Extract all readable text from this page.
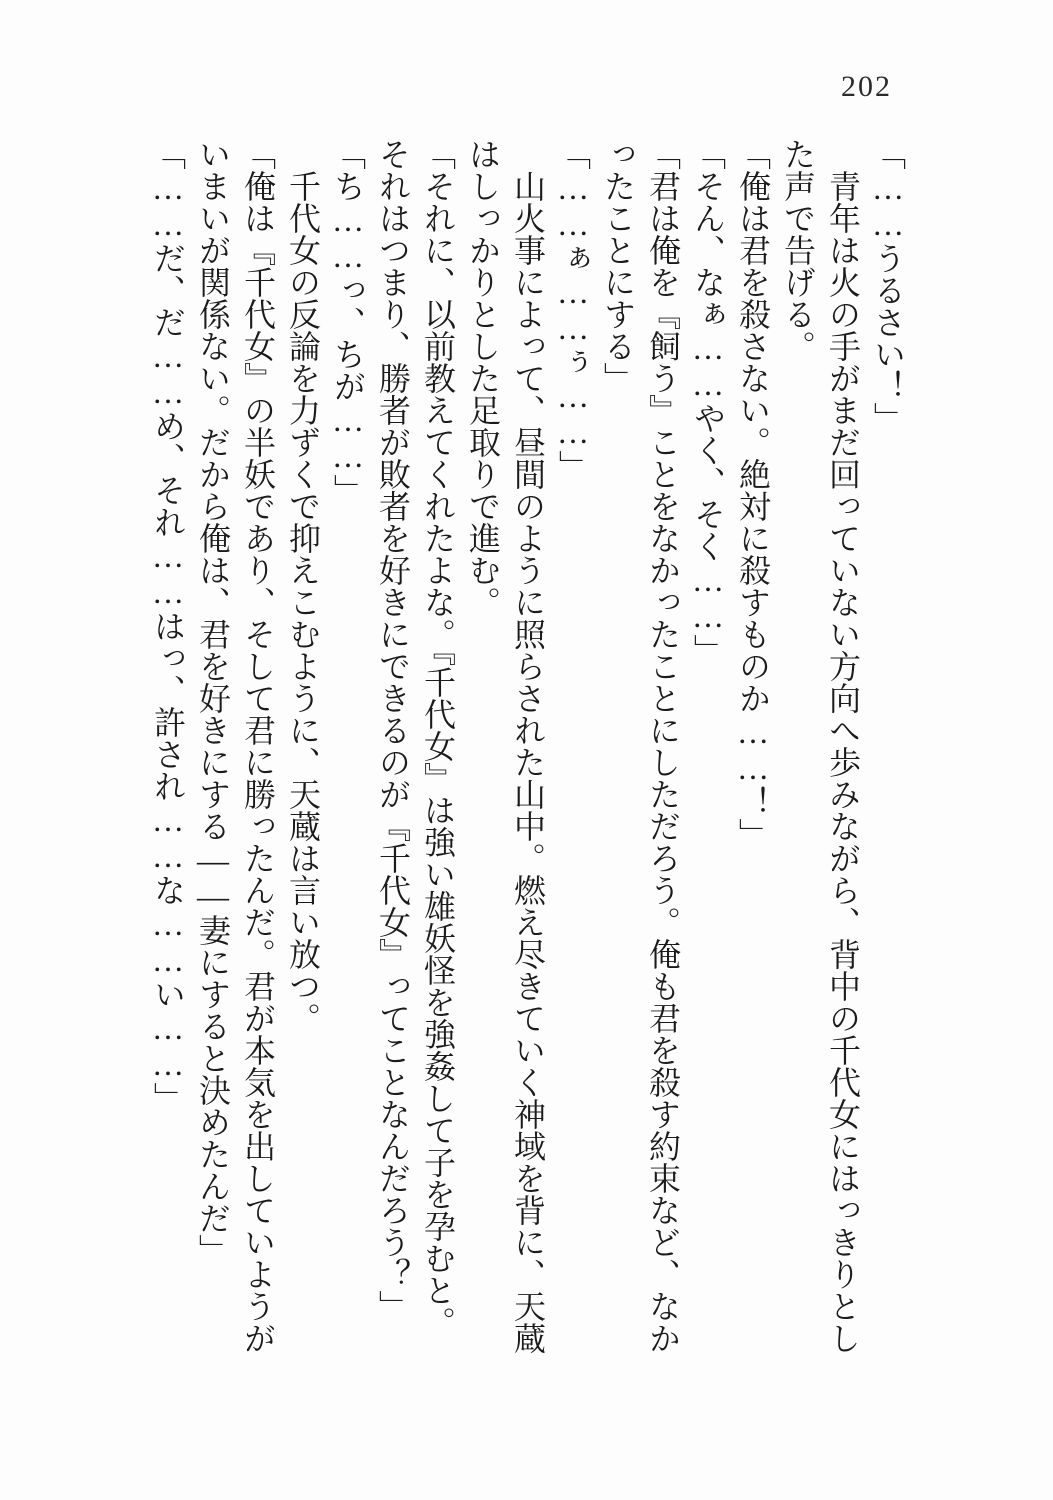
202
「……うるさい！」
　青年は火の手がまだ回っていない方向へ歩みながら、背中の千代女にはっきりとし
た声で告げる。
「俺は君を殺さない。絶対に殺すものか……！」
「そん、なぁ……やく、そく……」
「君は俺を『飼う』ことをなかったことにしただろう。俺も君を殺す約束など、なか
ったことにする」
「……ぁ……ぅ……」
　山火事によって、昼間のように照らされた山中。燃え尽きていく神域を背に、天蔵
はしっかりとした足取りで進む。
「それに、以前教えてくれたよな。『千代女』は強い雄妖怪を強姦して子を孕むと。
それはつまり、勝者が敗者を好きにできるのが『千代女』ってことなんだろう？」
「ち……っ、ちが……」
　千代女の反論を力ずくで抑えこむように、天蔵は言い放つ。
「俺は『千代女』の半妖であり、そして君に勝ったんだ。君が本気を出していようが
いまいが関係ない。だから俺は、君を好きにする――妻にすると決めたんだ」
「……だ、だ……め、それ……はっ、許され……な……い……」
